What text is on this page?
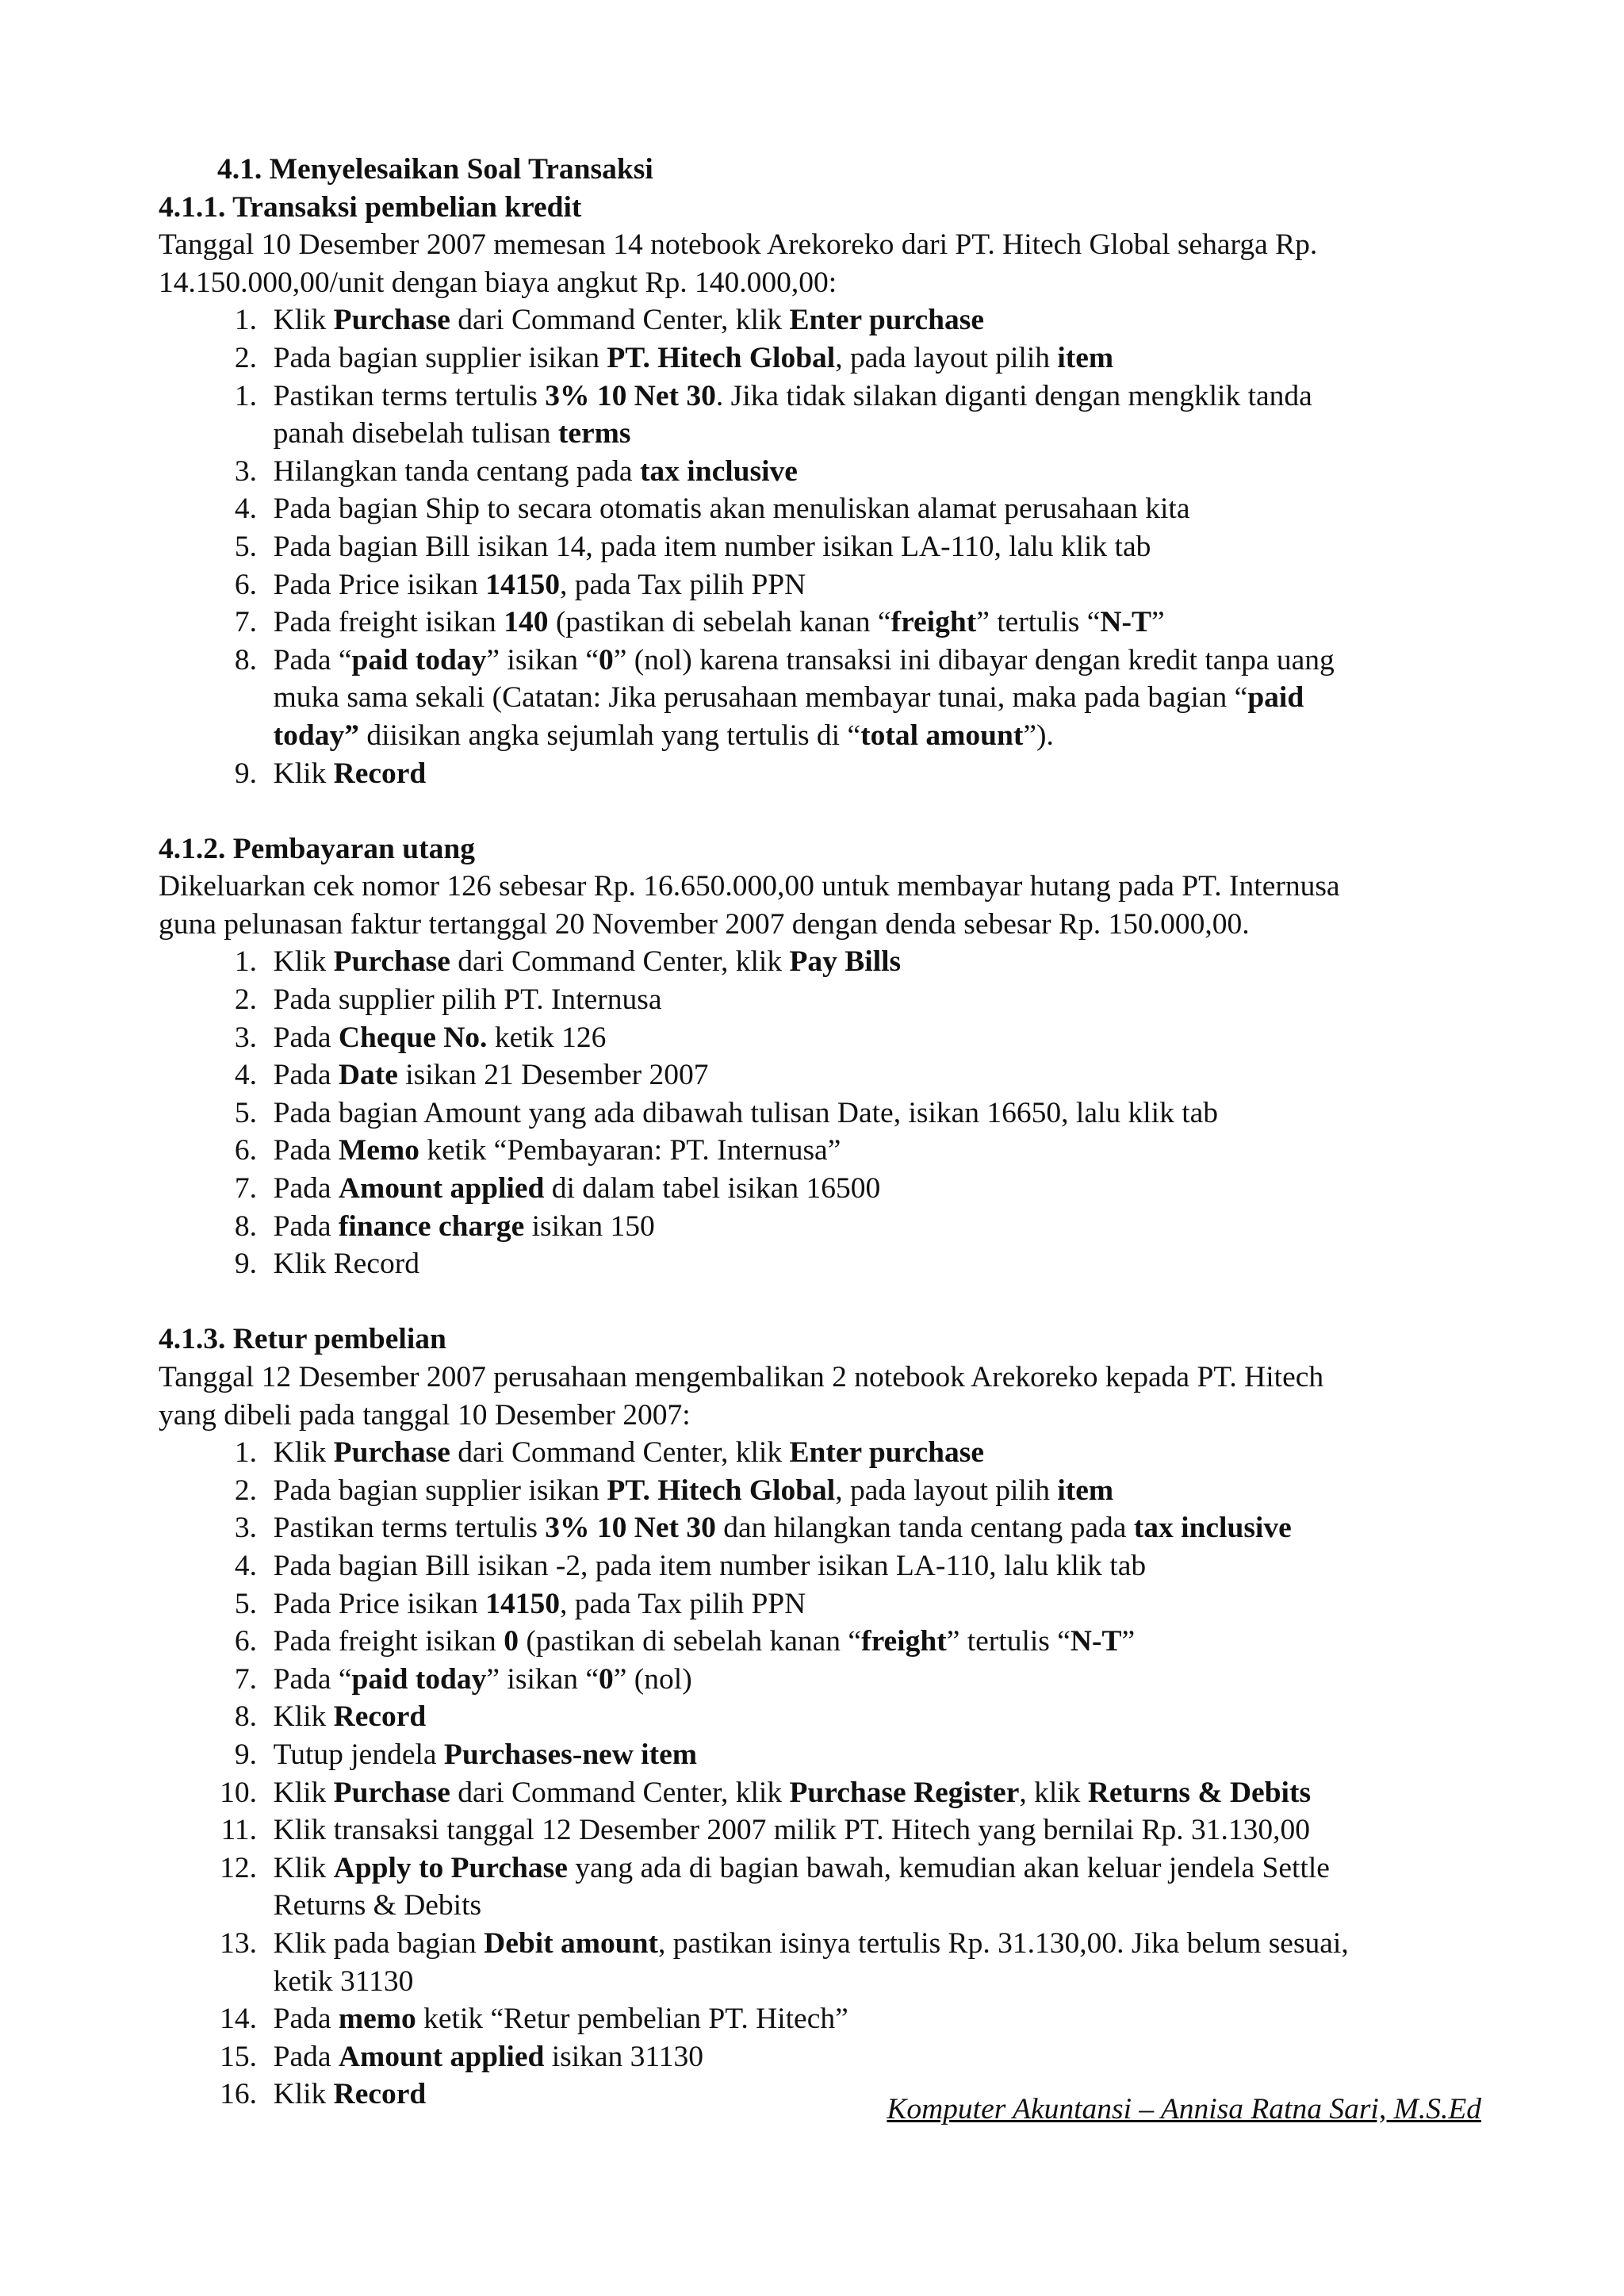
4.1. Menyelesaikan Soal Transaksi
4.1.1. Transaksi pembelian kredit
Tanggal 10 Desember 2007 memesan 14 notebook Arekoreko dari PT. Hitech Global seharga Rp.
14.150.000,00/unit dengan biaya angkut Rp. 140.000,00:
1. Klik Purchase dari Command Center, klik Enter purchase
2. Pada bagian supplier isikan PT. Hitech Global, pada layout pilih item
1. Pastikan terms tertulis 3% 10 Net 30. Jika tidak silakan diganti dengan mengklik tanda
panah disebelah tulisan terms
3. Hilangkan tanda centang pada tax inclusive
4. Pada bagian Ship to secara otomatis akan menuliskan alamat perusahaan kita
5. Pada bagian Bill isikan 14, pada item number isikan LA-110, lalu klik tab
6. Pada Price isikan 14150, pada Tax pilih PPN
7. Pada freight isikan 140 (pastikan di sebelah kanan “freight” tertulis “N-T”
8. Pada “paid today” isikan “0” (nol) karena transaksi ini dibayar dengan kredit tanpa uang
muka sama sekali (Catatan: Jika perusahaan membayar tunai, maka pada bagian “paid
today” diisikan angka sejumlah yang tertulis di “total amount”).
9. Klik Record
4.1.2. Pembayaran utang
Dikeluarkan cek nomor 126 sebesar Rp. 16.650.000,00 untuk membayar hutang pada PT. Internusa
guna pelunasan faktur tertanggal 20 November 2007 dengan denda sebesar Rp. 150.000,00.
1. Klik Purchase dari Command Center, klik Pay Bills
2. Pada supplier pilih PT. Internusa
3. Pada Cheque No. ketik 126
4. Pada Date isikan 21 Desember 2007
5. Pada bagian Amount yang ada dibawah tulisan Date, isikan 16650, lalu klik tab
6. Pada Memo ketik “Pembayaran: PT. Internusa”
7. Pada Amount applied di dalam tabel isikan 16500
8. Pada finance charge isikan 150
9. Klik Record
4.1.3. Retur pembelian
Tanggal 12 Desember 2007 perusahaan mengembalikan 2 notebook Arekoreko kepada PT. Hitech
yang dibeli pada tanggal 10 Desember 2007:
1. Klik Purchase dari Command Center, klik Enter purchase
2. Pada bagian supplier isikan PT. Hitech Global, pada layout pilih item
3. Pastikan terms tertulis 3% 10 Net 30 dan hilangkan tanda centang pada tax inclusive
4. Pada bagian Bill isikan -2, pada item number isikan LA-110, lalu klik tab
5. Pada Price isikan 14150, pada Tax pilih PPN
6. Pada freight isikan 0 (pastikan di sebelah kanan “freight” tertulis “N-T”
7. Pada “paid today” isikan “0” (nol)
8. Klik Record
9. Tutup jendela Purchases-new item
10. Klik Purchase dari Command Center, klik Purchase Register, klik Returns & Debits
11. Klik transaksi tanggal 12 Desember 2007 milik PT. Hitech yang bernilai Rp. 31.130,00
12. Klik Apply to Purchase yang ada di bagian bawah, kemudian akan keluar jendela Settle
Returns & Debits
13. Klik pada bagian Debit amount, pastikan isinya tertulis Rp. 31.130,00. Jika belum sesuai,
ketik 31130
14. Pada memo ketik “Retur pembelian PT. Hitech”
15. Pada Amount applied isikan 31130
16. Klik Record	Komputer Akuntansi – Annisa Ratna Sari, M.S.Ed
